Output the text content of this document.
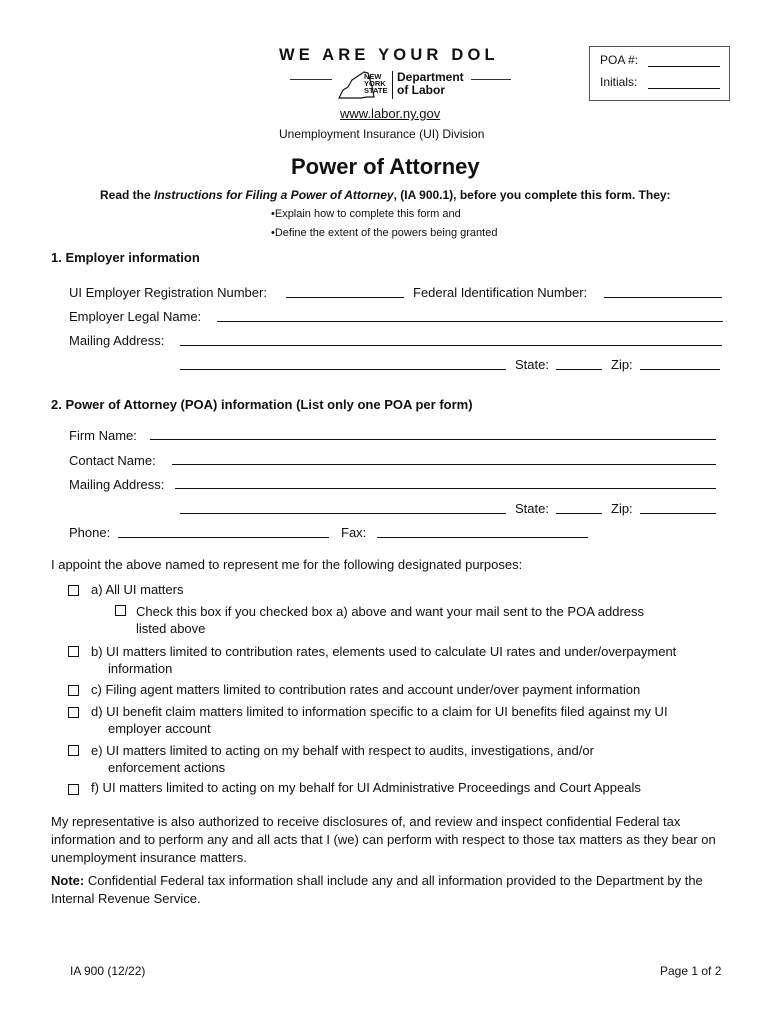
WE ARE YOUR DOL
NEW
YORK
STATE
Department
of Labor
www.labor.ny.gov
Unemployment Insurance (UI) Division
POA #:
Initials:
Power of Attorney
Read the Instructions for Filing a Power of Attorney, (IA 900.1), before you complete this form. They:
•Explain how to complete this form and
•Define the extent of the powers being granted
1. Employer information
UI Employer Registration Number:	Federal Identification Number:
Employer Legal Name:
Mailing Address:
State:	Zip:
2. Power of Attorney (POA) information (List only one POA per form)
Firm Name:
Contact Name:
Mailing Address:
State:	Zip:
Phone:	Fax:
I appoint the above named to represent me for the following designated purposes:
a) All UI matters
Check this box if you checked box a) above and want your mail sent to the POA address
listed above
b) UI matters limited to contribution rates, elements used to calculate UI rates and under/overpayment
information
c) Filing agent matters limited to contribution rates and account under/over payment information
d) UI benefit claim matters limited to information specific to a claim for UI benefits filed against my UI
employer account
e) UI matters limited to acting on my behalf with respect to audits, investigations, and/or
enforcement actions
f) UI matters limited to acting on my behalf for UI Administrative Proceedings and Court Appeals
My representative is also authorized to receive disclosures of, and review and inspect confidential Federal tax information and to perform any and all acts that I (we) can perform with respect to those tax matters as they bear on unemployment insurance matters.
Note: Confidential Federal tax information shall include any and all information provided to the Department by the Internal Revenue Service.
IA 900 (12/22)	Page 1 of 2
